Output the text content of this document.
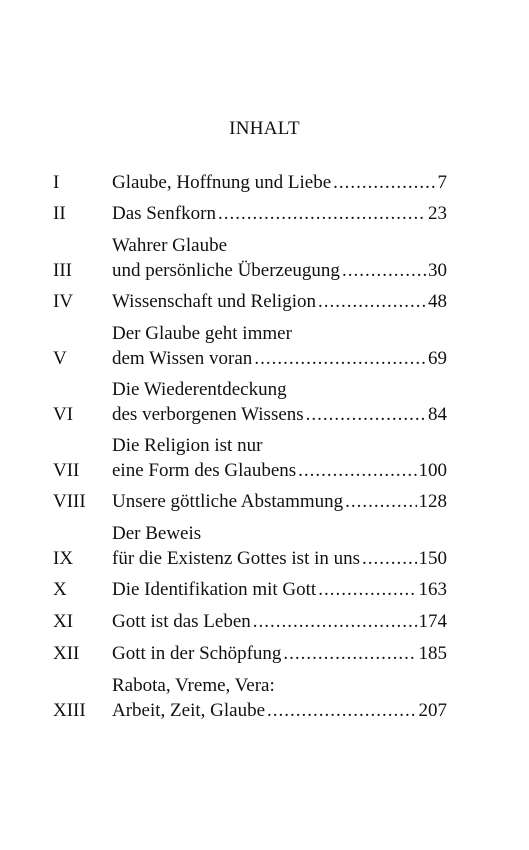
INHALT
I	Glaube, Hoffnung und Liebe .....	7
II	Das Senfkorn .....	23
Wahrer Glaube
III	und persönliche Überzeugung .....	30
IV	Wissenschaft und Religion .....	48
Der Glaube geht immer
V	dem Wissen voran .....	69
Die Wiederentdeckung
VI	des verborgenen Wissens .....	84
Die Religion ist nur
VII	eine Form des Glaubens .....	100
VIII	Unsere göttliche Abstammung .....	128
Der Beweis
IX	für die Existenz Gottes ist in uns .....	150
X	Die Identifikation mit Gott .....	163
XI	Gott ist das Leben .....	174
XII	Gott in der Schöpfung .....	185
Rabota, Vreme, Vera:
XIII	Arbeit, Zeit, Glaube .....	207
